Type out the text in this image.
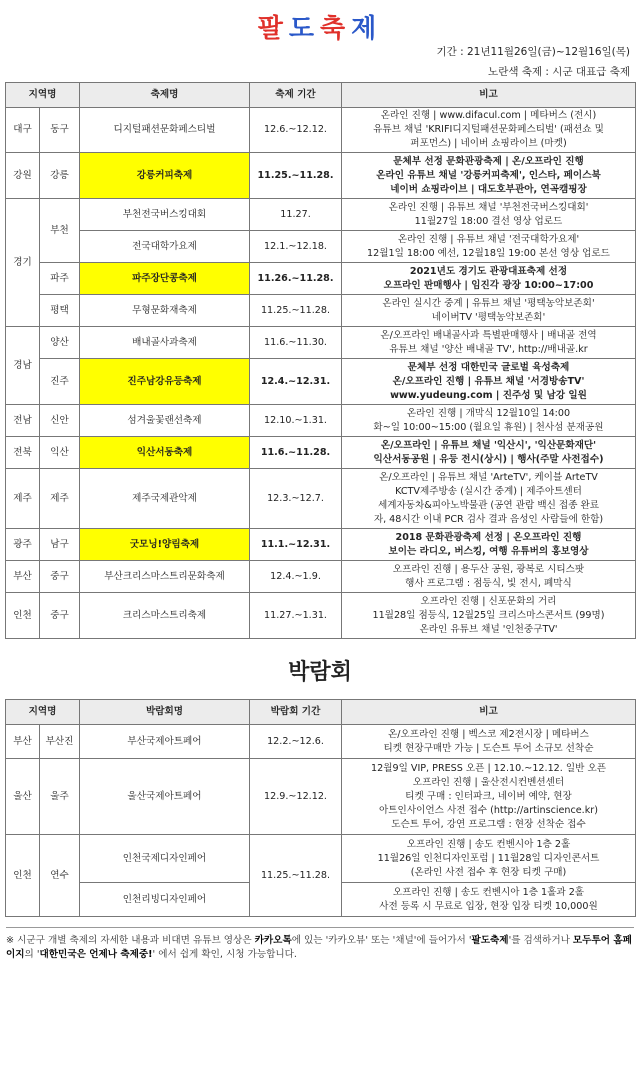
팔도축제
기간 : 21년11월26일(금)~12월16일(목)
노란색 축제 : 시군 대표급 축제
지역명		축제명	축제 기간	비고
대구	동구	디지털패션문화페스티벌	12.6.~12.12.	온라인 진행 | www.difacul.com | 메타버스 (전시)
유튜브 채널 'KRIFI디지털패션문화페스티벌' (패션쇼 및
퍼포먼스) | 네이버 쇼핑라이브 (마켓)
강원	강릉	강릉커피축제	11.25.~11.28.	문체부 선정 문화관광축제 | 온/오프라인 진행
온라인 유튜브 채널 '강릉커피축제', 인스타, 페이스북
네이버 쇼핑라이브 | 대도호부관아, 연곡캠핑장
경기	부천	부천전국버스킹대회	11.27.	온라인 진행 | 유튜브 채널 '부천전국버스킹대회'
11월27일 18:00 결선 영상 업로드
		전국대학가요제	12.1.~12.18.	온라인 진행 | 유튜브 채널 '전국대학가요제'
12월1일 18:00 예선, 12월18일 19:00 본선 영상 업로드
	파주	파주장단콩축제	11.26.~11.28.	2021년도 경기도 관광대표축제 선정
오프라인 판매행사 | 임진각 광장 10:00~17:00
	평택	무형문화재축제	11.25.~11.28.	온라인 실시간 중계 | 유튜브 채널 '평택농악보존회'
네이버TV '평택농악보존회'
경남	양산	배내골사과축제	11.6.~11.30.	온/오프라인 배내골사과 특별판매행사 | 배내골 전역
유튜브 채널 '양산 배내골 TV', http://배내골.kr
	진주	진주남강유등축제	12.4.~12.31.	문체부 선정 대한민국 글로벌 육성축제
온/오프라인 진행 | 유튜브 채널 '서경방송TV'
www.yudeung.com | 진주성 및 남강 일원
전남	신안	섬겨울꽃랜선축제	12.10.~1.31.	온라인 진행 | 개막식 12월10일 14:00
화~일 10:00~15:00 (월요일 휴원) | 천사섬 분재공원
전북	익산	익산서동축제	11.6.~11.28.	온/오프라인 | 유튜브 채널 '익산시', '익산문화재단'
익산서동공원 | 유등 전시(상시) | 행사(주말 사전접수)
제주	제주	제주국제관악제	12.3.~12.7.	온/오프라인 | 유튜브 채널 'ArteTV', 케이블 ArteTV
KCTV제주방송 (실시간 중계) | 제주아트센터
세계자동차&피아노박물관 (공연 관람 백신 접종 완료
자, 48시간 이내 PCR 검사 결과 음성인 사람들에 한함)
광주	남구	굿모닝!양림축제	11.1.~12.31.	2018 문화관광축제 선정 | 온오프라인 진행
보이는 라디오, 버스킹, 여행 유튜버의 홍보영상
부산	중구	부산크리스마스트리문화축제	12.4.~1.9.	오프라인 진행 | 용두산 공원, 광복로 시티스팟
행사 프로그램 : 점등식, 빛 전시, 폐막식
인천	중구	크리스마스트리축제	11.27.~1.31.	오프라인 진행 | 신포문화의 거리
11월28일 점등식, 12월25일 크리스마스콘서트 (99명)
온라인 유튜브 채널 '인천중구TV'
박람회
지역명		박람회명	박람회 기간	비고
부산	부산진	부산국제아트페어	12.2.~12.6.	온/오프라인 진행 | 벡스코 제2전시장 | 메타버스
티켓 현장구매만 가능 | 도슨트 투어 소규모 선착순
울산	울주	울산국제아트페어	12.9.~12.12.	12월9일 VIP, PRESS 오픈 | 12.10.~12.12. 일반 오픈
오프라인 진행 | 울산전시컨벤션센터
티켓 구매 : 인터파크, 네이버 예약, 현장
아트인사이언스 사전 접수 (http://artinscience.kr)
도슨트 투어, 강연 프로그램 : 현장 선착순 접수
인천	연수	인천국제디자인페어	11.25.~11.28.	오프라인 진행 | 송도 컨벤시아 1층 2홀
11월26일 인천디자인포럼 | 11월28일 디자인콘서트
(온라인 사전 접수 후 현장 티켓 구매)
		인천리빙디자인페어		오프라인 진행 | 송도 컨벤시아 1층 1홀과 2홀
사전 등록 시 무료로 입장, 현장 입장 티켓 10,000원
※ 시군구 개별 축제의 자세한 내용과 비대면 유튜브 영상은 카카오톡에 있는 '카카오뷰' 또는 '채널'에 들어가서 '팔도축제'를 검색하거나 모두투어 홈페이지의 '대한민국은 언제나 축제중!' 에서 쉽게 확인, 시청 가능합니다.
